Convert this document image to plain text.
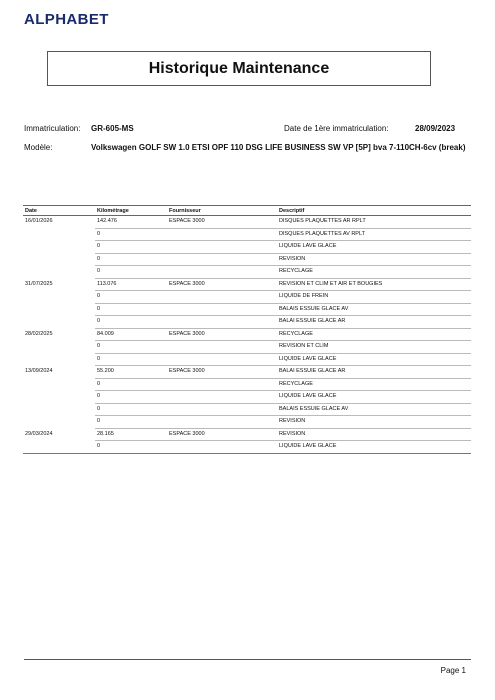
ALPHABET
Historique Maintenance
Immatriculation: GR-605-MS	Date de 1ère immatriculation:	28/09/2023
Modèle:	Volkswagen GOLF SW 1.0 ETSI OPF 110 DSG LIFE BUSINESS SW VP [5P] bva 7-110CH-6cv (break)
Date	Kilométrage	Fournisseur	Descriptif
16/01/2026	142.476	ESPACE 3000	DISQUES PLAQUETTES AR RPLT
	0		DISQUES PLAQUETTES AV RPLT
	0		LIQUIDE LAVE GLACE
	0		REVISION
	0		RECYCLAGE
31/07/2025	113.076	ESPACE 3000	REVISION ET CLIM ET AIR ET BOUGIES
	0		LIQUIDE DE FREIN
	0		BALAIS ESSUIE GLACE AV
	0		BALAI ESSUIE GLACE AR
28/02/2025	84.009	ESPACE 3000	RECYCLAGE
	0		REVISION ET CLIM
	0		LIQUIDE LAVE GLACE
13/09/2024	55.200	ESPACE 3000	BALAI ESSUIE GLACE AR
	0		RECYCLAGE
	0		LIQUIDE LAVE GLACE
	0		BALAIS ESSUIE GLACE AV
	0		REVISION
29/03/2024	28.165	ESPACE 3000	REVISION
	0		LIQUIDE LAVE GLACE
Page 1
